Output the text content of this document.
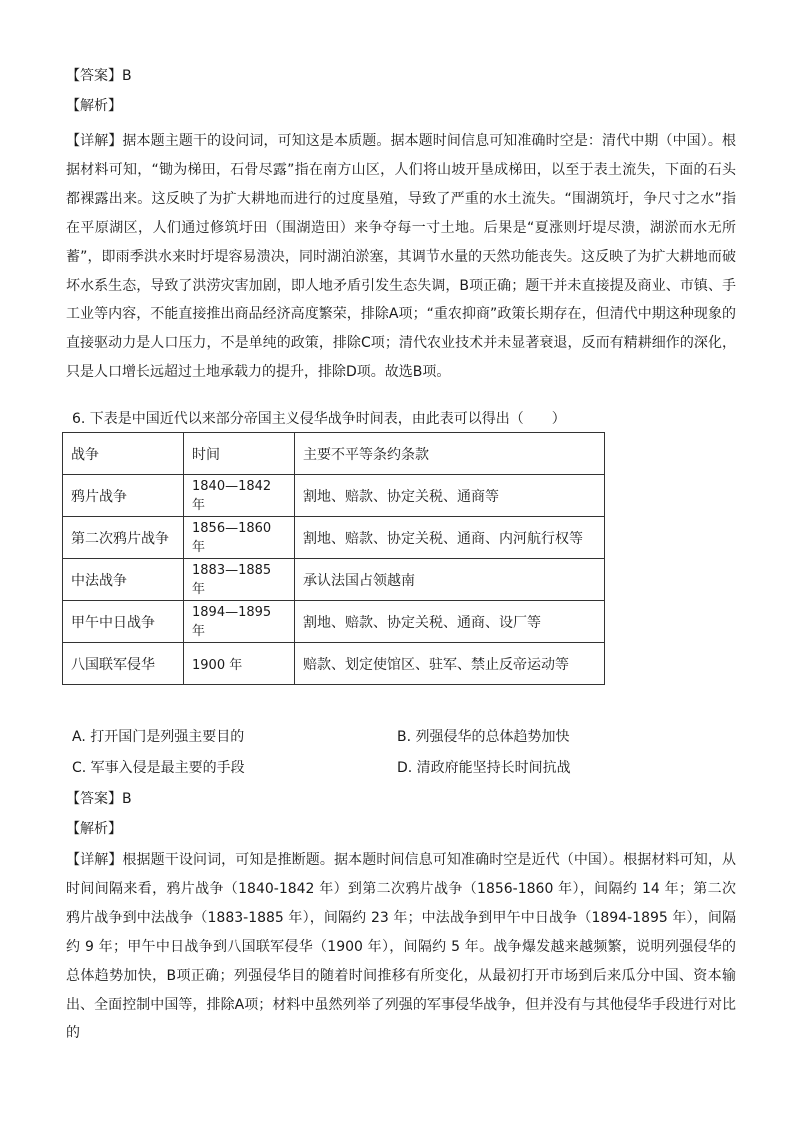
【答案】B
【解析】
【详解】据本题主题干的设问词，可知这是本质题。据本题时间信息可知准确时空是：清代中期（中国）。根据材料可知，“锄为梯田，石骨尽露”指在南方山区，人们将山坡开垦成梯田，以至于表土流失，下面的石头都裸露出来。这反映了为扩大耕地而进行的过度垦殖，导致了严重的水土流失。“围湖筑圩，争尺寸之水”指在平原湖区，人们通过修筑圩田（围湖造田）来争夺每一寸土地。后果是“夏涨则圩堤尽溃，湖淤而水无所蓄”，即雨季洪水来时圩堤容易溃决，同时湖泊淤塞，其调节水量的天然功能丧失。这反映了为扩大耕地而破坏水系生态，导致了洪涝灾害加剧，即人地矛盾引发生态失调，B项正确；题干并未直接提及商业、市镇、手工业等内容，不能直接推出商品经济高度繁荣，排除A项；“重农抑商”政策长期存在，但清代中期这种现象的直接驱动力是人口压力，不是单纯的政策，排除C项；清代农业技术并未显著衰退，反而有精耕细作的深化，只是人口增长远超过土地承载力的提升，排除D项。故选B项。
6. 下表是中国近代以来部分帝国主义侵华战争时间表，由此表可以得出（　　）
战争	时间	主要不平等条约条款
鸦片战争	1840—1842 年	割地、赔款、协定关税、通商等
第二次鸦片战争	1856—1860 年	割地、赔款、协定关税、通商、内河航行权等
中法战争	1883—1885 年	承认法国占领越南
甲午中日战争	1894—1895 年	割地、赔款、协定关税、通商、设厂等
八国联军侵华	1900 年	赔款、划定使馆区、驻军、禁止反帝运动等
A. 打开国门是列强主要目的	B. 列强侵华的总体趋势加快
C. 军事入侵是最主要的手段	D. 清政府能坚持长时间抗战
【答案】B
【解析】
【详解】根据题干设问词，可知是推断题。据本题时间信息可知准确时空是近代（中国）。根据材料可知，从时间间隔来看，鸦片战争（1840-1842 年）到第二次鸦片战争（1856-1860 年），间隔约 14 年；第二次鸦片战争到中法战争（1883-1885 年），间隔约 23 年；中法战争到甲午中日战争（1894-1895 年），间隔约 9 年；甲午中日战争到八国联军侵华（1900 年），间隔约 5 年。战争爆发越来越频繁，说明列强侵华的总体趋势加快，B项正确；列强侵华目的随着时间推移有所变化，从最初打开市场到后来瓜分中国、资本输出、全面控制中国等，排除A项；材料中虽然列举了列强的军事侵华战争，但并没有与其他侵华手段进行对比的
